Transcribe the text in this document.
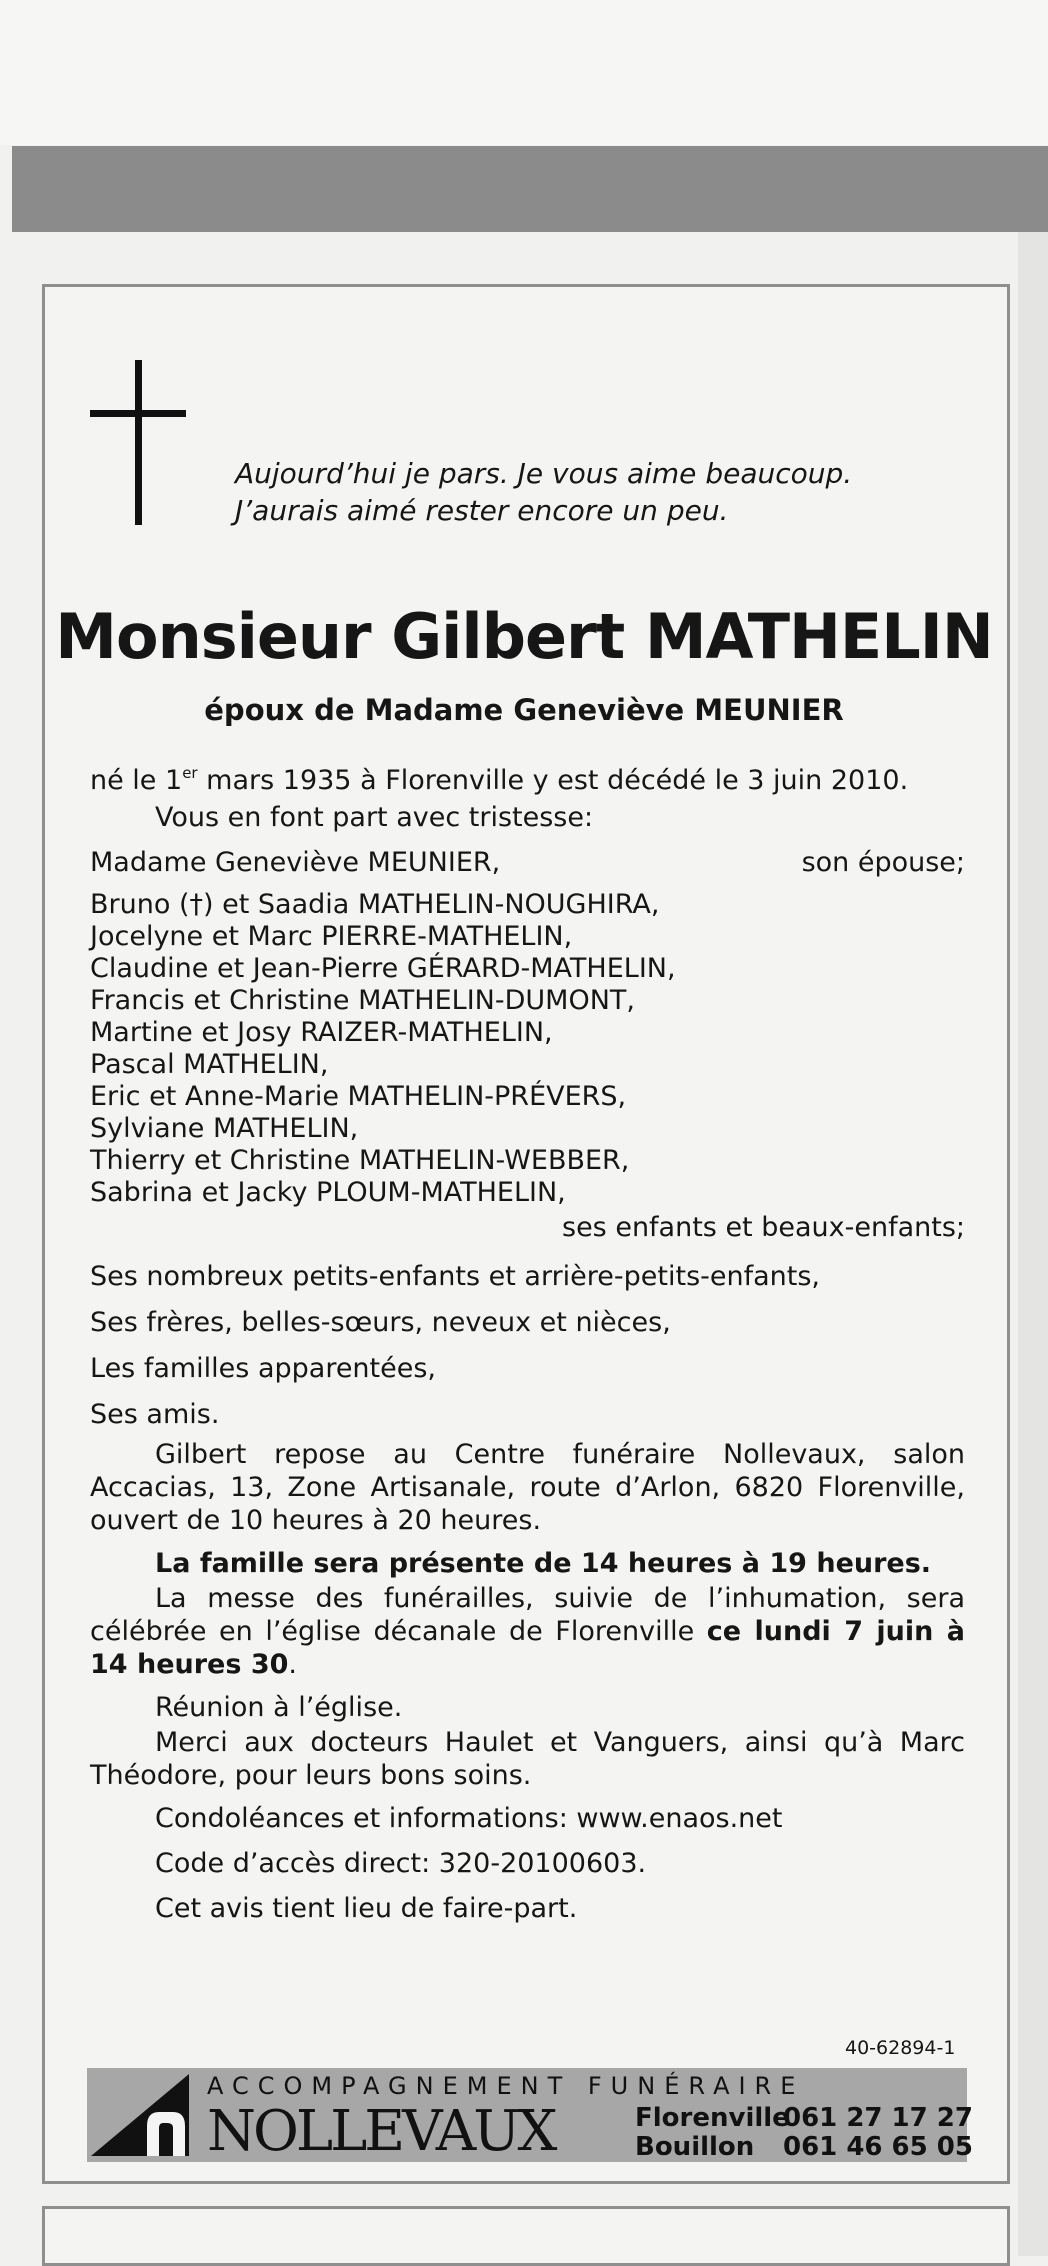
Aujourd’hui je pars. Je vous aime beaucoup.
J’aurais aimé rester encore un peu.
Monsieur Gilbert MATHELIN
époux de Madame Geneviève MEUNIER
né le 1er mars 1935 à Florenville y est décédé le 3 juin 2010.
Vous en font part avec tristesse:
Madame Geneviève MEUNIER,	son épouse;
Bruno (†) et Saadia MATHELIN-NOUGHIRA,
Jocelyne et Marc PIERRE-MATHELIN,
Claudine et Jean-Pierre GÉRARD-MATHELIN,
Francis et Christine MATHELIN-DUMONT,
Martine et Josy RAIZER-MATHELIN,
Pascal MATHELIN,
Eric et Anne-Marie MATHELIN-PRÉVERS,
Sylviane MATHELIN,
Thierry et Christine MATHELIN-WEBBER,
Sabrina et Jacky PLOUM-MATHELIN,
ses enfants et beaux-enfants;
Ses nombreux petits-enfants et arrière-petits-enfants,
Ses frères, belles-sœurs, neveux et nièces,
Les familles apparentées,
Ses amis.
Gilbert repose au Centre funéraire Nollevaux, salon Accacias, 13, Zone Artisanale, route d’Arlon, 6820 Florenville, ouvert de 10 heures à 20 heures.
La famille sera présente de 14 heures à 19 heures.
La messe des funérailles, suivie de l’inhumation, sera célébrée en l’église décanale de Florenville ce lundi 7 juin à 14 heures 30.
Réunion à l’église.
Merci aux docteurs Haulet et Vanguers, ainsi qu’à Marc Théodore, pour leurs bons soins.
Condoléances et informations: www.enaos.net
Code d’accès direct: 320-20100603.
Cet avis tient lieu de faire-part.
40-62894-1
ACCOMPAGNEMENT FUNÉRAIRE
NOLLEVAUX	Florenville061 27 17 27
Bouillon 061 46 65 05
